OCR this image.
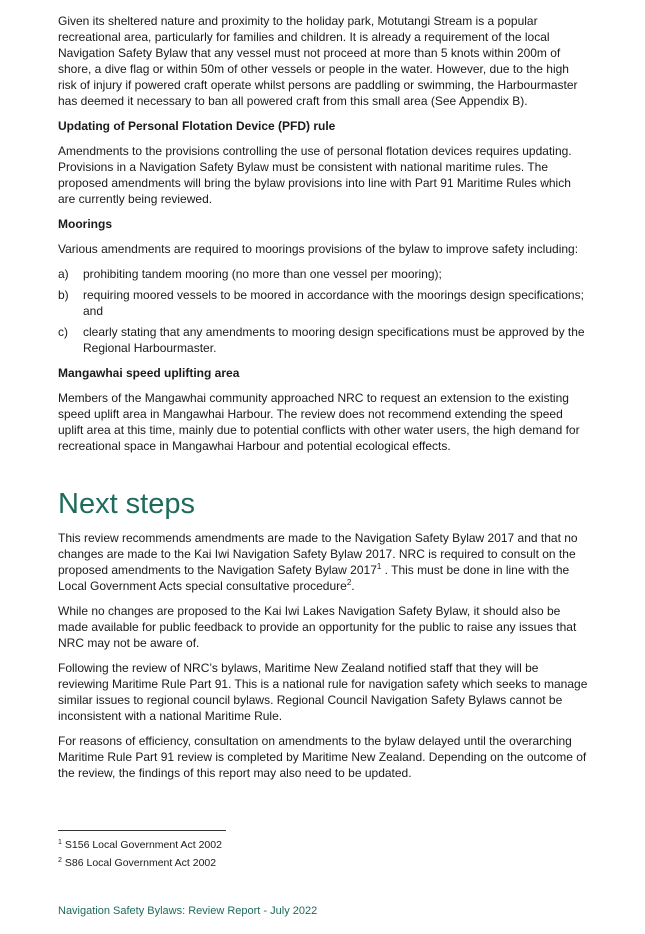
Given its sheltered nature and proximity to the holiday park, Motutangi Stream is a popular recreational area, particularly for families and children. It is already a requirement of the local Navigation Safety Bylaw that any vessel must not proceed at more than 5 knots within 200m of shore, a dive flag or within 50m of other vessels or people in the water. However, due to the high risk of injury if powered craft operate whilst persons are paddling or swimming, the Harbourmaster has deemed it necessary to ban all powered craft from this small area (See Appendix B).

Updating of Personal Flotation Device (PFD) rule

Amendments to the provisions controlling the use of personal flotation devices requires updating. Provisions in a Navigation Safety Bylaw must be consistent with national maritime rules. The proposed amendments will bring the bylaw provisions into line with Part 91 Maritime Rules which are currently being reviewed.

Moorings

Various amendments are required to moorings provisions of the bylaw to improve safety including:

a)	prohibiting tandem mooring (no more than one vessel per mooring);
b)	requiring moored vessels to be moored in accordance with the moorings design specifications; and
c)	clearly stating that any amendments to mooring design specifications must be approved by the Regional Harbourmaster.

Mangawhai speed uplifting area

Members of the Mangawhai community approached NRC to request an extension to the existing speed uplift area in Mangawhai Harbour. The review does not recommend extending the speed uplift area at this time, mainly due to potential conflicts with other water users, the high demand for recreational space in Mangawhai Harbour and potential ecological effects.

Next steps

This review recommends amendments are made to the Navigation Safety Bylaw 2017 and that no changes are made to the Kai Iwi Navigation Safety Bylaw 2017. NRC is required to consult on the proposed amendments to the Navigation Safety Bylaw 2017$^1$ . This must be done in line with the Local Government Acts special consultative procedure$^2$.

While no changes are proposed to the Kai Iwi Lakes Navigation Safety Bylaw, it should also be made available for public feedback to provide an opportunity for the public to raise any issues that NRC may not be aware of.

Following the review of NRC’s bylaws, Maritime New Zealand notified staff that they will be reviewing Maritime Rule Part 91. This is a national rule for navigation safety which seeks to manage similar issues to regional council bylaws. Regional Council Navigation Safety Bylaws cannot be inconsistent with a national Maritime Rule.

For reasons of efficiency, consultation on amendments to the bylaw delayed until the overarching Maritime Rule Part 91 review is completed by Maritime New Zealand. Depending on the outcome of the review, the findings of this report may also need to be updated.

$^1$ S156 Local Government Act 2002
$^2$ S86 Local Government Act 2002
Navigation Safety Bylaws: Review Report - July 2022
